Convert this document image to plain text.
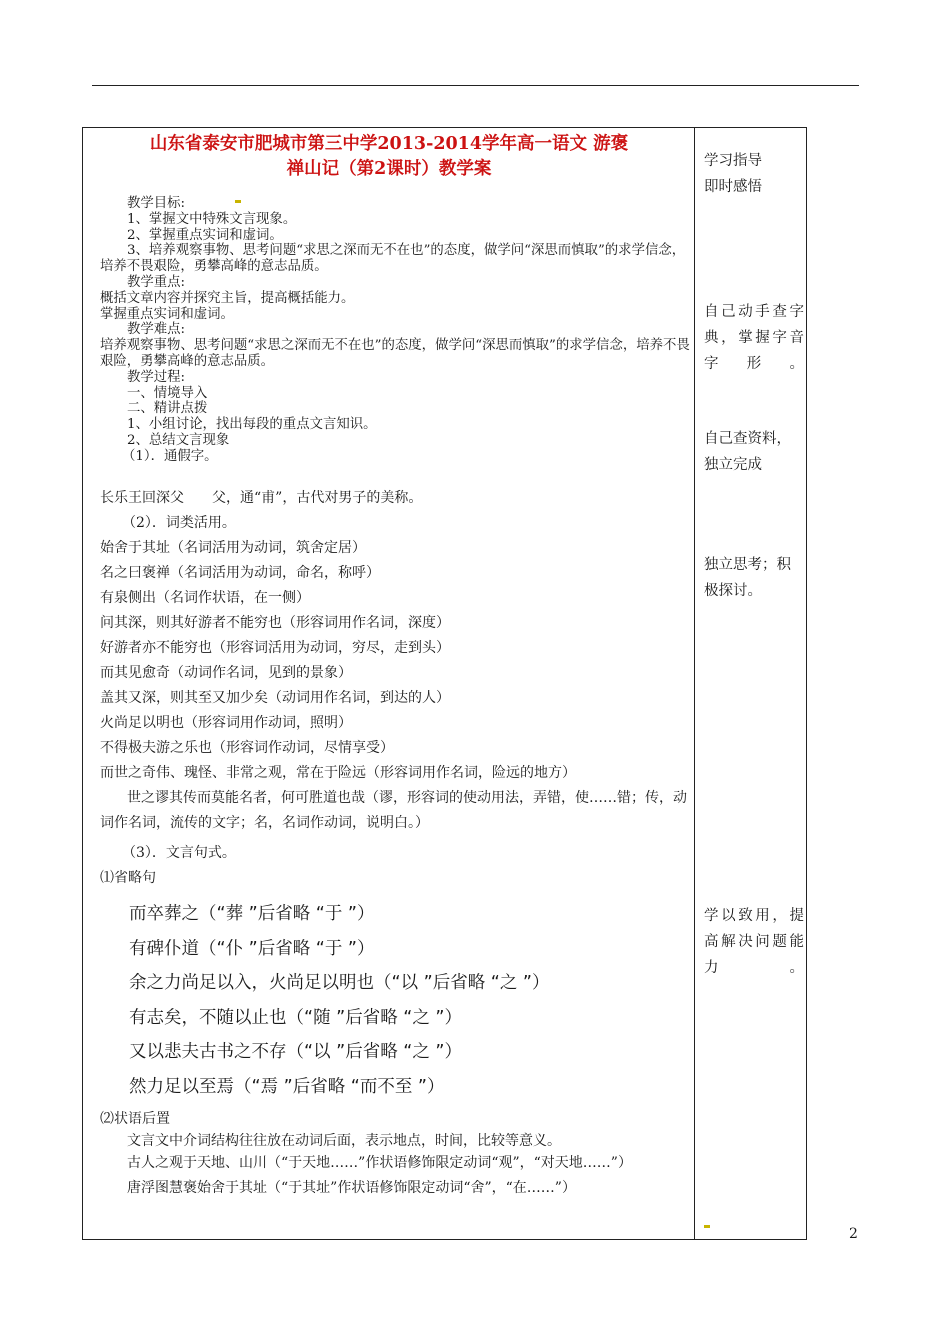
山东省泰安市肥城市第三中学2013-2014学年高一语文 游褒
禅山记（第2课时）教学案

教学目标:

1、掌握文中特殊文言现象。

2、掌握重点实词和虚词。

3、培养观察事物、思考问题“求思之深而无不在也”的态度，做学问“深思而慎取”的求学信念，培养不畏艰险，勇攀高峰的意志品质。

教学重点:

概括文章内容并探究主旨，提高概括能力。

掌握重点实词和虚词。

教学难点:

培养观察事物、思考问题“求思之深而无不在也”的态度，做学问“深思而慎取”的求学信念，培养不畏艰险，勇攀高峰的意志品质。

教学过程:

一、情境导入

二、精讲点拨

1、小组讨论，找出每段的重点文言知识。

2、总结文言现象

（1）．通假字。

长乐王回深父　　父，通“甫”，古代对男子的美称。

（2）．词类活用。

始舍于其址（名词活用为动词，筑舍定居）

名之曰褒禅（名词活用为动词，命名，称呼）

有泉侧出（名词作状语，在一侧）

问其深，则其好游者不能穷也（形容词用作名词，深度）

好游者亦不能穷也（形容词活用为动词，穷尽，走到头）

而其见愈奇（动词作名词，见到的景象）

盖其又深，则其至又加少矣（动词用作名词，到达的人）

火尚足以明也（形容词用作动词，照明）

不得极夫游之乐也（形容词作动词，尽情享受）

而世之奇伟、瑰怪、非常之观，常在于险远（形容词用作名词，险远的地方）

世之谬其传而莫能名者，何可胜道也哉（谬，形容词的使动用法，弄错，使……错；传，动词作名词，流传的文字；名，名词作动词，说明白。）

（3）．文言句式。

⑴省略句

而卒葬之（“葬 ”后省略 “于 ”）

有碑仆道（“仆 ”后省略 “于 ”）

余之力尚足以入，火尚足以明也（“以 ”后省略 “之 ”）

有志矣，不随以止也（“随 ”后省略 “之 ”）

又以悲夫古书之不存（“以 ”后省略 “之 ”）

然力足以至焉（“焉 ”后省略 “而不至 ”）

⑵状语后置

文言文中介词结构往往放在动词后面，表示地点，时间，比较等意义。

古人之观于天地、山川（“于天地……”作状语修饰限定动词“观”，“对天地……”）

唐浮图慧褒始舍于其址（“于其址”作状语修饰限定动词“舍”，“在……”）

学习指导
即时感悟
自己动手查字典，掌握字音字形。
自己查资料，独立完成
独立思考；积极探讨。
学以致用，提高解决问题能力。
2
